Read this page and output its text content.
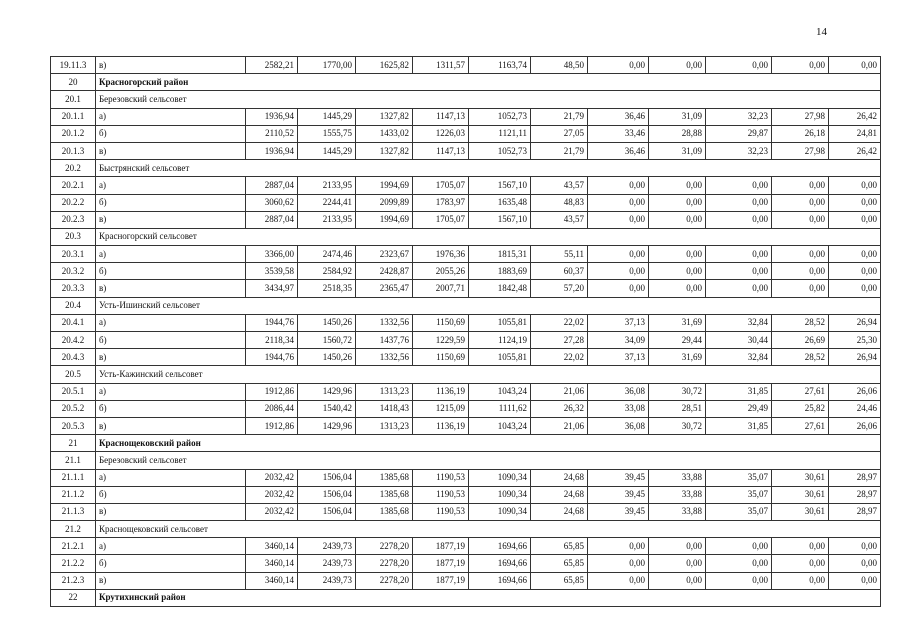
14
19.11.3	в)	2582,21	1770,00	1625,82	1311,57	1163,74	48,50	0,00	0,00	0,00	0,00	0,00
20	Красногорский район											
20.1	Березовский сельсовет											
20.1.1	а)	1936,94	1445,29	1327,82	1147,13	1052,73	21,79	36,46	31,09	32,23	27,98	26,42
20.1.2	б)	2110,52	1555,75	1433,02	1226,03	1121,11	27,05	33,46	28,88	29,87	26,18	24,81
20.1.3	в)	1936,94	1445,29	1327,82	1147,13	1052,73	21,79	36,46	31,09	32,23	27,98	26,42
20.2	Быстрянский сельсовет											
20.2.1	а)	2887,04	2133,95	1994,69	1705,07	1567,10	43,57	0,00	0,00	0,00	0,00	0,00
20.2.2	б)	3060,62	2244,41	2099,89	1783,97	1635,48	48,83	0,00	0,00	0,00	0,00	0,00
20.2.3	в)	2887,04	2133,95	1994,69	1705,07	1567,10	43,57	0,00	0,00	0,00	0,00	0,00
20.3	Красногорский сельсовет											
20.3.1	а)	3366,00	2474,46	2323,67	1976,36	1815,31	55,11	0,00	0,00	0,00	0,00	0,00
20.3.2	б)	3539,58	2584,92	2428,87	2055,26	1883,69	60,37	0,00	0,00	0,00	0,00	0,00
20.3.3	в)	3434,97	2518,35	2365,47	2007,71	1842,48	57,20	0,00	0,00	0,00	0,00	0,00
20.4	Усть-Ишинский сельсовет											
20.4.1	а)	1944,76	1450,26	1332,56	1150,69	1055,81	22,02	37,13	31,69	32,84	28,52	26,94
20.4.2	б)	2118,34	1560,72	1437,76	1229,59	1124,19	27,28	34,09	29,44	30,44	26,69	25,30
20.4.3	в)	1944,76	1450,26	1332,56	1150,69	1055,81	22,02	37,13	31,69	32,84	28,52	26,94
20.5	Усть-Кажинский сельсовет											
20.5.1	а)	1912,86	1429,96	1313,23	1136,19	1043,24	21,06	36,08	30,72	31,85	27,61	26,06
20.5.2	б)	2086,44	1540,42	1418,43	1215,09	1111,62	26,32	33,08	28,51	29,49	25,82	24,46
20.5.3	в)	1912,86	1429,96	1313,23	1136,19	1043,24	21,06	36,08	30,72	31,85	27,61	26,06
21	Краснощековский район											
21.1	Березовский сельсовет											
21.1.1	а)	2032,42	1506,04	1385,68	1190,53	1090,34	24,68	39,45	33,88	35,07	30,61	28,97
21.1.2	б)	2032,42	1506,04	1385,68	1190,53	1090,34	24,68	39,45	33,88	35,07	30,61	28,97
21.1.3	в)	2032,42	1506,04	1385,68	1190,53	1090,34	24,68	39,45	33,88	35,07	30,61	28,97
21.2	Краснощековский сельсовет											
21.2.1	а)	3460,14	2439,73	2278,20	1877,19	1694,66	65,85	0,00	0,00	0,00	0,00	0,00
21.2.2	б)	3460,14	2439,73	2278,20	1877,19	1694,66	65,85	0,00	0,00	0,00	0,00	0,00
21.2.3	в)	3460,14	2439,73	2278,20	1877,19	1694,66	65,85	0,00	0,00	0,00	0,00	0,00
22	Крутихинский район											
